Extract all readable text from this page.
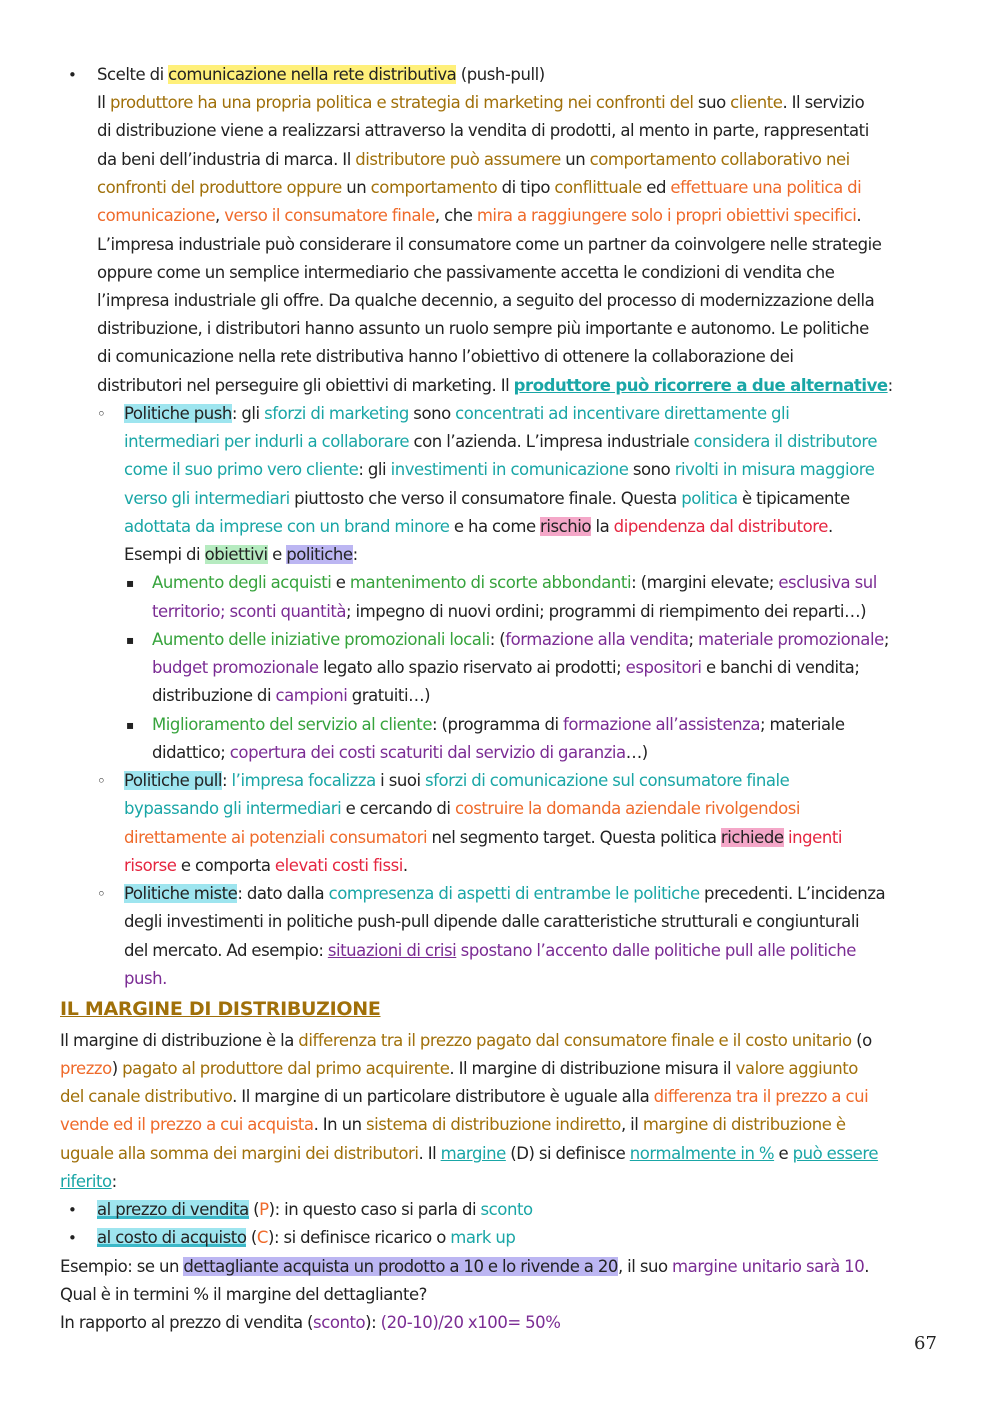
• Scelte di comunicazione nella rete distributiva (push-pull)
Il produttore ha una propria politica e strategia di marketing nei confronti del suo cliente. Il servizio
di distribuzione viene a realizzarsi attraverso la vendita di prodotti, al mento in parte, rappresentati
da beni dell’industria di marca. Il distributore può assumere un comportamento collaborativo nei
confronti del produttore oppure un comportamento di tipo conflittuale ed effettuare una politica di
comunicazione, verso il consumatore finale, che mira a raggiungere solo i propri obiettivi specifici.
L’impresa industriale può considerare il consumatore come un partner da coinvolgere nelle strategie
oppure come un semplice intermediario che passivamente accetta le condizioni di vendita che
l’impresa industriale gli offre. Da qualche decennio, a seguito del processo di modernizzazione della
distribuzione, i distributori hanno assunto un ruolo sempre più importante e autonomo. Le politiche
di comunicazione nella rete distributiva hanno l’obiettivo di ottenere la collaborazione dei
distributori nel perseguire gli obiettivi di marketing. Il produttore può ricorrere a due alternative:
◦ Politiche push: gli sforzi di marketing sono concentrati ad incentivare direttamente gli
intermediari per indurli a collaborare con l’azienda. L’impresa industriale considera il distributore
come il suo primo vero cliente: gli investimenti in comunicazione sono rivolti in misura maggiore
verso gli intermediari piuttosto che verso il consumatore finale. Questa politica è tipicamente
adottata da imprese con un brand minore e ha come rischio la dipendenza dal distributore.
Esempi di obiettivi e politiche:
▪ Aumento degli acquisti e mantenimento di scorte abbondanti: (margini elevate; esclusiva sul
territorio; sconti quantità; impegno di nuovi ordini; programmi di riempimento dei reparti…)
▪ Aumento delle iniziative promozionali locali: (formazione alla vendita; materiale promozionale;
budget promozionale legato allo spazio riservato ai prodotti; espositori e banchi di vendita;
distribuzione di campioni gratuiti…)
▪ Miglioramento del servizio al cliente: (programma di formazione all’assistenza; materiale
didattico; copertura dei costi scaturiti dal servizio di garanzia…)
◦ Politiche pull: l’impresa focalizza i suoi sforzi di comunicazione sul consumatore finale
bypassando gli intermediari e cercando di costruire la domanda aziendale rivolgendosi
direttamente ai potenziali consumatori nel segmento target. Questa politica richiede ingenti
risorse e comporta elevati costi fissi.
◦ Politiche miste: dato dalla compresenza di aspetti di entrambe le politiche precedenti. L’incidenza
degli investimenti in politiche push-pull dipende dalle caratteristiche strutturali e congiunturali
del mercato. Ad esempio: situazioni di crisi spostano l’accento dalle politiche pull alle politiche
push.
IL MARGINE DI DISTRIBUZIONE
Il margine di distribuzione è la differenza tra il prezzo pagato dal consumatore finale e il costo unitario (o
prezzo) pagato al produttore dal primo acquirente. Il margine di distribuzione misura il valore aggiunto
del canale distributivo. Il margine di un particolare distributore è uguale alla differenza tra il prezzo a cui
vende ed il prezzo a cui acquista. In un sistema di distribuzione indiretto, il margine di distribuzione è
uguale alla somma dei margini dei distributori. Il margine (D) si definisce normalmente in % e può essere
riferito:
• al prezzo di vendita (P): in questo caso si parla di sconto
• al costo di acquisto (C): si definisce ricarico o mark up
Esempio: se un dettagliante acquista un prodotto a 10 e lo rivende a 20, il suo margine unitario sarà 10.
Qual è in termini % il margine del dettagliante?
In rapporto al prezzo di vendita (sconto): (20-10)/20 x100= 50%
67
